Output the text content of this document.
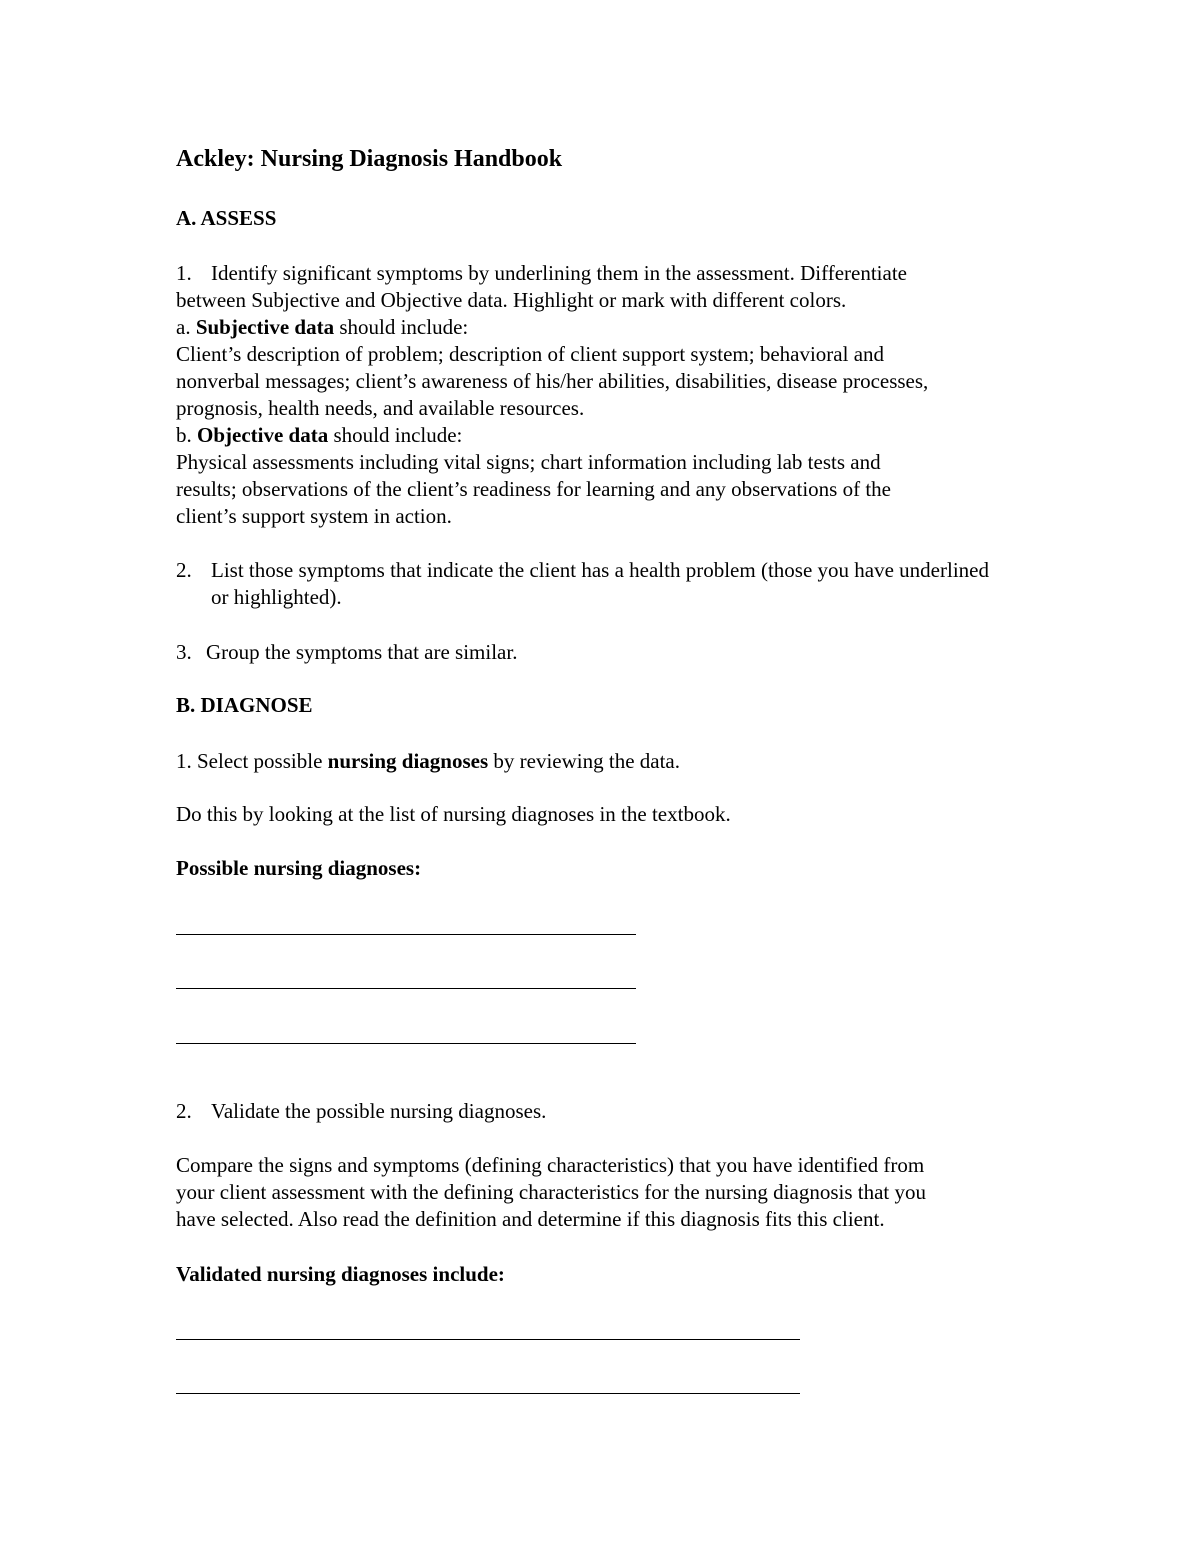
Ackley: Nursing Diagnosis Handbook
A. ASSESS
1. Identify significant symptoms by underlining them in the assessment. Differentiate
between Subjective and Objective data. Highlight or mark with different colors.
a. Subjective data should include:
Client’s description of problem; description of client support system; behavioral and
nonverbal messages; client’s awareness of his/her abilities, disabilities, disease processes,
prognosis, health needs, and available resources.
b. Objective data should include:
Physical assessments including vital signs; chart information including lab tests and
results; observations of the client’s readiness for learning and any observations of the
client’s support system in action.
2. List those symptoms that indicate the client has a health problem (those you have underlined or highlighted).
3. Group the symptoms that are similar.
B. DIAGNOSE
1. Select possible nursing diagnoses by reviewing the data.
Do this by looking at the list of nursing diagnoses in the textbook.
Possible nursing diagnoses:
2. Validate the possible nursing diagnoses.
Compare the signs and symptoms (defining characteristics) that you have identified from
your client assessment with the defining characteristics for the nursing diagnosis that you
have selected. Also read the definition and determine if this diagnosis fits this client.
Validated nursing diagnoses include:
